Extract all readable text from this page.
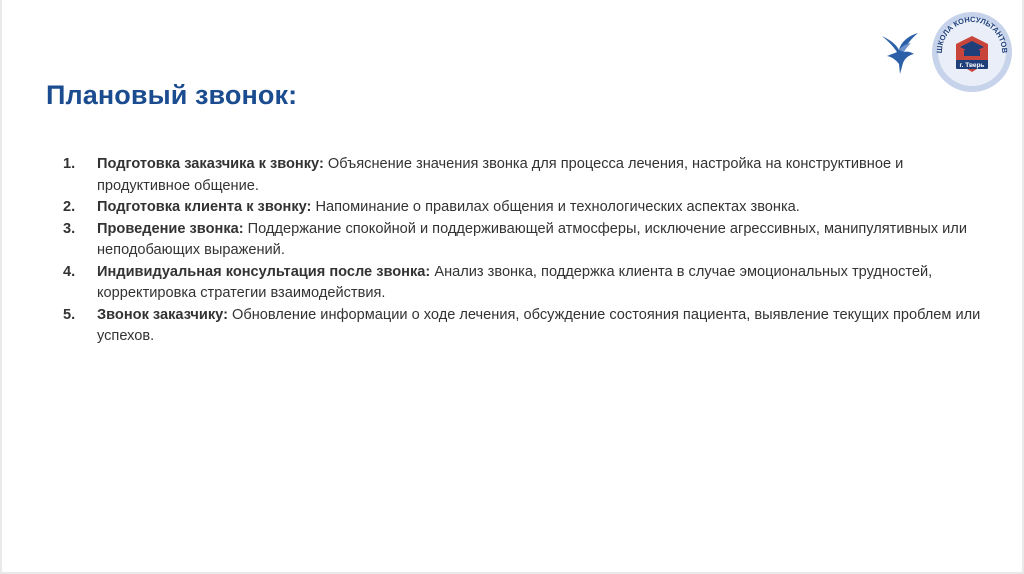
Плановый звонок:
1. Подготовка заказчика к звонку: Объяснение значения звонка для процесса лечения, настройка на конструктивное и продуктивное общение.
2. Подготовка клиента к звонку: Напоминание о правилах общения и технологических аспектах звонка.
3. Проведение звонка: Поддержание спокойной и поддерживающей атмосферы, исключение агрессивных, манипулятивных или неподобающих выражений.
4. Индивидуальная консультация после звонка: Анализ звонка, поддержка клиента в случае эмоциональных трудностей, корректировка стратегии взаимодействия.
5. Звонок заказчику: Обновление информации о ходе лечения, обсуждение состояния пациента, выявление текущих проблем или успехов.
ШКОЛА КОНСУЛЬТАНТОВ
г. Тверь
